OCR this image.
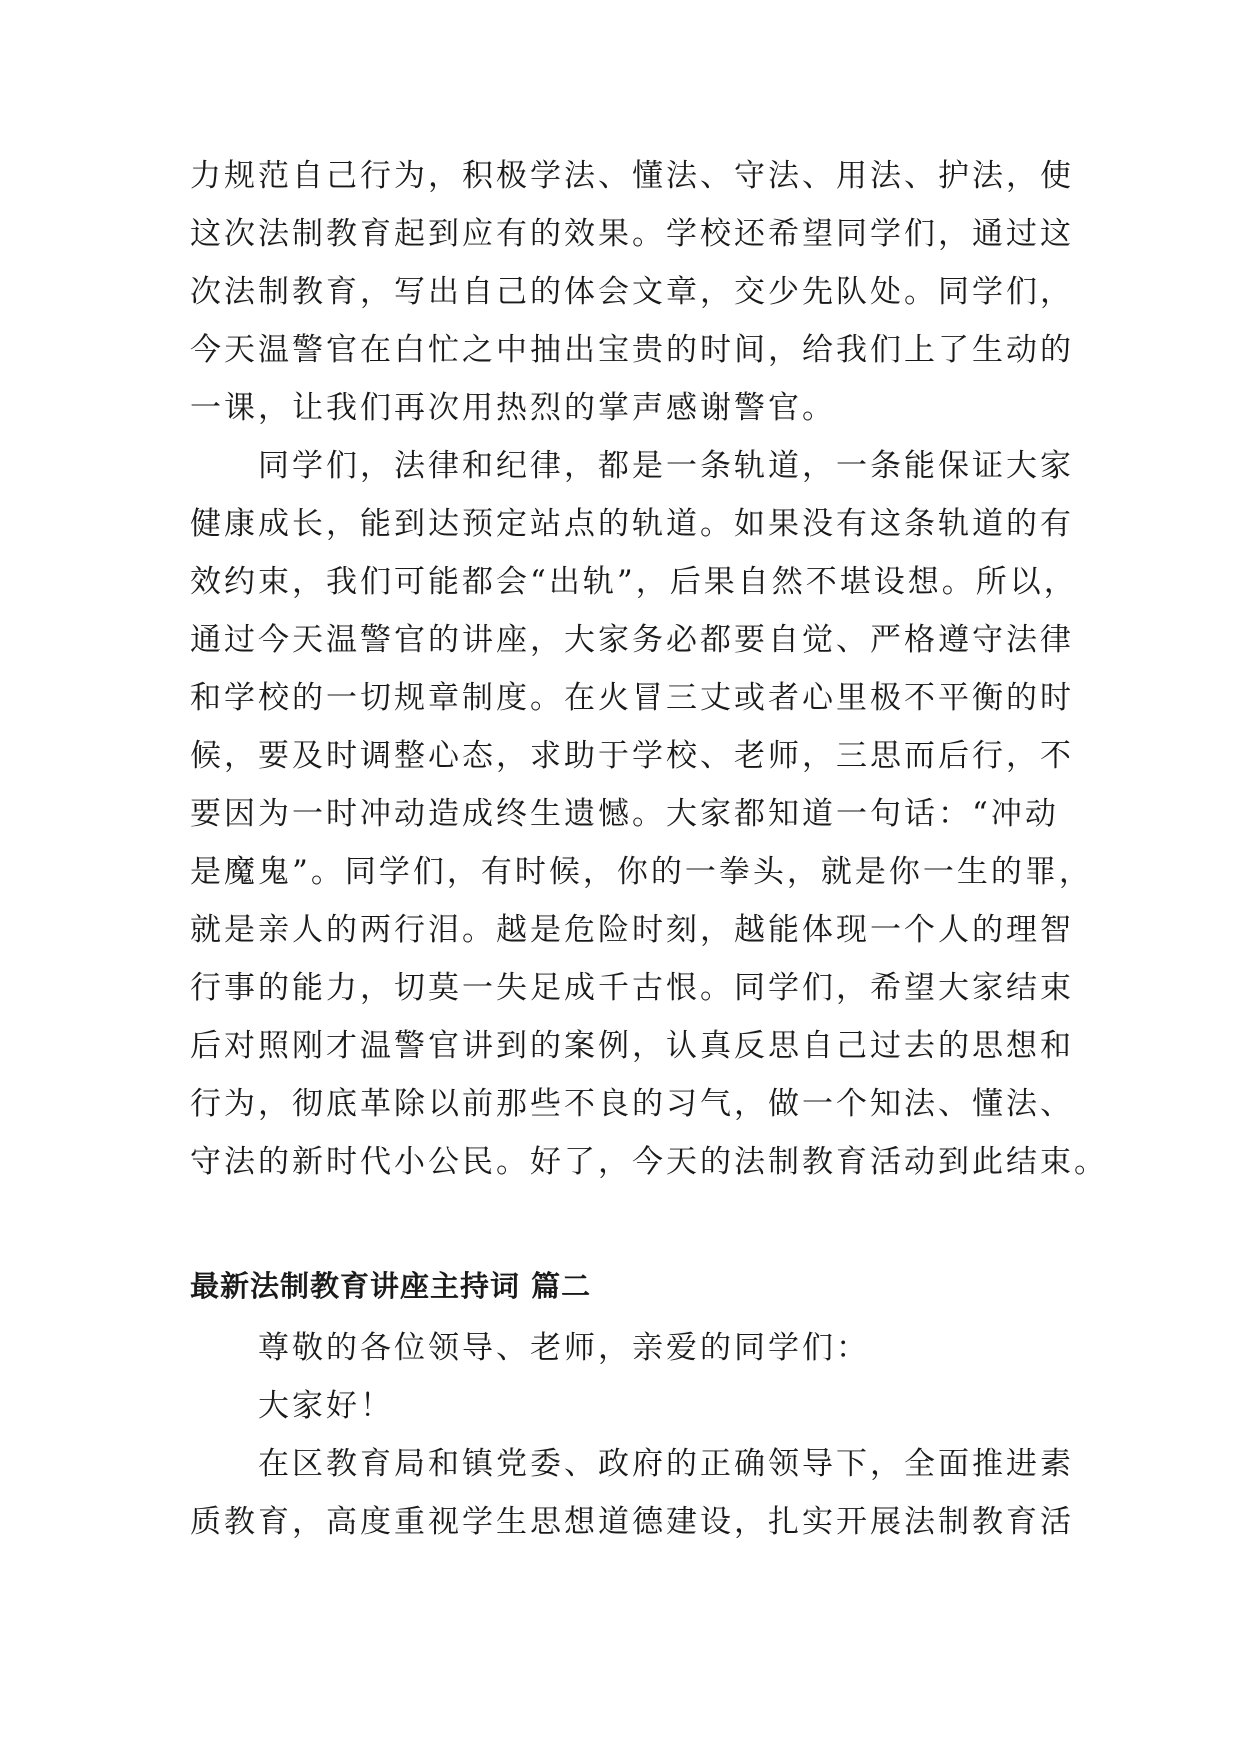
力规范自己行为，积极学法、懂法、守法、用法、护法，使
这次法制教育起到应有的效果。学校还希望同学们，通过这
次法制教育，写出自己的体会文章，交少先队处。同学们，
今天温警官在白忙之中抽出宝贵的时间，给我们上了生动的
一课，让我们再次用热烈的掌声感谢警官。

　　同学们，法律和纪律，都是一条轨道，一条能保证大家
健康成长，能到达预定站点的轨道。如果没有这条轨道的有
效约束，我们可能都会“出轨”，后果自然不堪设想。所以，
通过今天温警官的讲座，大家务必都要自觉、严格遵守法律
和学校的一切规章制度。在火冒三丈或者心里极不平衡的时
候，要及时调整心态，求助于学校、老师，三思而后行，不
要因为一时冲动造成终生遗憾。大家都知道一句话：“冲动
是魔鬼”。同学们，有时候，你的一拳头，就是你一生的罪，
就是亲人的两行泪。越是危险时刻，越能体现一个人的理智
行事的能力，切莫一失足成千古恨。同学们，希望大家结束
后对照刚才温警官讲到的案例，认真反思自己过去的思想和
行为，彻底革除以前那些不良的习气，做一个知法、懂法、
守法的新时代小公民。好了，今天的法制教育活动到此结束。

最新法制教育讲座主持词 篇二

　　尊敬的各位领导、老师，亲爱的同学们：
　　大家好！
　　在区教育局和镇党委、政府的正确领导下，全面推进素
质教育，高度重视学生思想道德建设，扎实开展法制教育活
